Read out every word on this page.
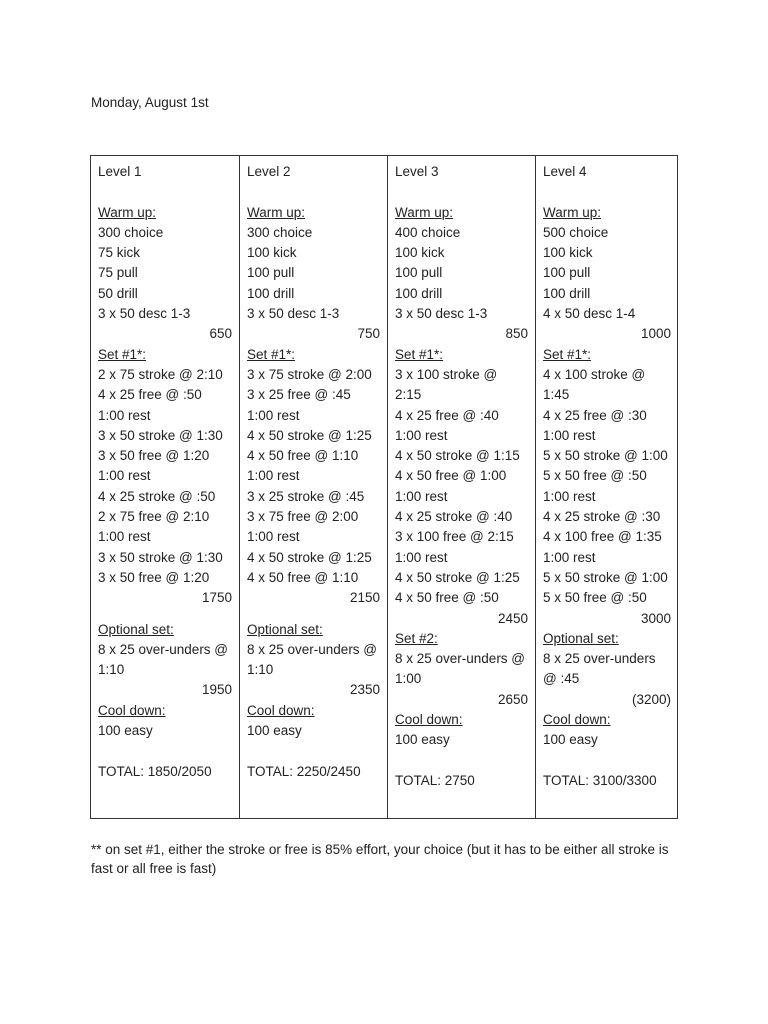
Monday, August 1st
Level 1
Warm up:
300 choice
75 kick
75 pull
50 drill
3 x 50 desc 1-3
650
Set #1*:
2 x 75 stroke @ 2:10
4 x 25 free @ :50
1:00 rest
3 x 50 stroke @ 1:30
3 x 50 free @ 1:20
1:00 rest
4 x 25 stroke @ :50
2 x 75 free @ 2:10
1:00 rest
3 x 50 stroke @ 1:30
3 x 50 free @ 1:20
1750
Optional set:
8 x 25 over-unders @
1:10
1950
Cool down:
100 easy
TOTAL: 1850/2050
Level 2
Warm up:
300 choice
100 kick
100 pull
100 drill
3 x 50 desc 1-3
750
Set #1*:
3 x 75 stroke @ 2:00
3 x 25 free @ :45
1:00 rest
4 x 50 stroke @ 1:25
4 x 50 free @ 1:10
1:00 rest
3 x 25 stroke @ :45
3 x 75 free @ 2:00
1:00 rest
4 x 50 stroke @ 1:25
4 x 50 free @ 1:10
2150
Optional set:
8 x 25 over-unders @
1:10
2350
Cool down:
100 easy
TOTAL: 2250/2450
Level 3
Warm up:
400 choice
100 kick
100 pull
100 drill
3 x 50 desc 1-3
850
Set #1*:
3 x 100 stroke @
2:15
4 x 25 free @ :40
1:00 rest
4 x 50 stroke @ 1:15
4 x 50 free @ 1:00
1:00 rest
4 x 25 stroke @ :40
3 x 100 free @ 2:15
1:00 rest
4 x 50 stroke @ 1:25
4 x 50 free @ :50
2450
Set #2:
8 x 25 over-unders @
1:00
2650
Cool down:
100 easy
TOTAL: 2750
Level 4
Warm up:
500 choice
100 kick
100 pull
100 drill
4 x 50 desc 1-4
1000
Set #1*:
4 x 100 stroke @
1:45
4 x 25 free @ :30
1:00 rest
5 x 50 stroke @ 1:00
5 x 50 free @ :50
1:00 rest
4 x 25 stroke @ :30
4 x 100 free @ 1:35
1:00 rest
5 x 50 stroke @ 1:00
5 x 50 free @ :50
3000
Optional set:
8 x 25 over-unders
@ :45
(3200)
Cool down:
100 easy
TOTAL: 3100/3300
** on set #1, either the stroke or free is 85% effort, your choice (but it has to be either all stroke is fast or all free is fast)
